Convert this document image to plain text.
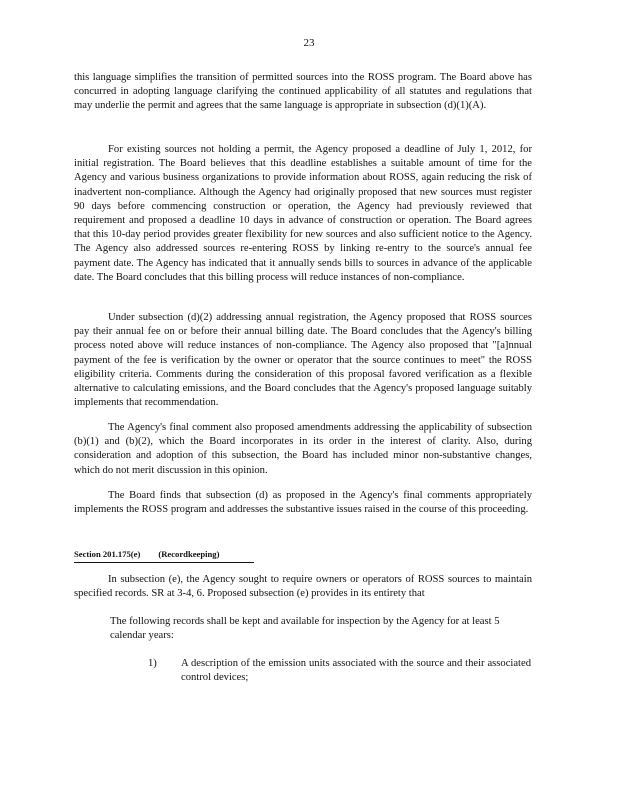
23

this language simplifies the transition of permitted sources into the ROSS program. The Board above has concurred in adopting language clarifying the continued applicability of all statutes and regulations that may underlie the permit and agrees that the same language is appropriate in subsection (d)(1)(A).

For existing sources not holding a permit, the Agency proposed a deadline of July 1, 2012, for initial registration. The Board believes that this deadline establishes a suitable amount of time for the Agency and various business organizations to provide information about ROSS, again reducing the risk of inadvertent non-compliance. Although the Agency had originally proposed that new sources must register 90 days before commencing construction or operation, the Agency had previously reviewed that requirement and proposed a deadline 10 days in advance of construction or operation. The Board agrees that this 10-day period provides greater flexibility for new sources and also sufficient notice to the Agency. The Agency also addressed sources re-entering ROSS by linking re-entry to the source's annual fee payment date. The Agency has indicated that it annually sends bills to sources in advance of the applicable date. The Board concludes that this billing process will reduce instances of non-compliance.

Under subsection (d)(2) addressing annual registration, the Agency proposed that ROSS sources pay their annual fee on or before their annual billing date. The Board concludes that the Agency's billing process noted above will reduce instances of non-compliance. The Agency also proposed that "[a]nnual payment of the fee is verification by the owner or operator that the source continues to meet" the ROSS eligibility criteria. Comments during the consideration of this proposal favored verification as a flexible alternative to calculating emissions, and the Board concludes that the Agency's proposed language suitably implements that recommendation.

The Agency's final comment also proposed amendments addressing the applicability of subsection (b)(1) and (b)(2), which the Board incorporates in its order in the interest of clarity. Also, during consideration and adoption of this subsection, the Board has included minor non-substantive changes, which do not merit discussion in this opinion.

The Board finds that subsection (d) as proposed in the Agency's final comments appropriately implements the ROSS program and addresses the substantive issues raised in the course of this proceeding.

Section 201.175(e) (Recordkeeping)

In subsection (e), the Agency sought to require owners or operators of ROSS sources to maintain specified records. SR at 3-4, 6. Proposed subsection (e) provides in its entirety that

The following records shall be kept and available for inspection by the Agency for at least 5 calendar years:

1) A description of the emission units associated with the source and their associated control devices;
